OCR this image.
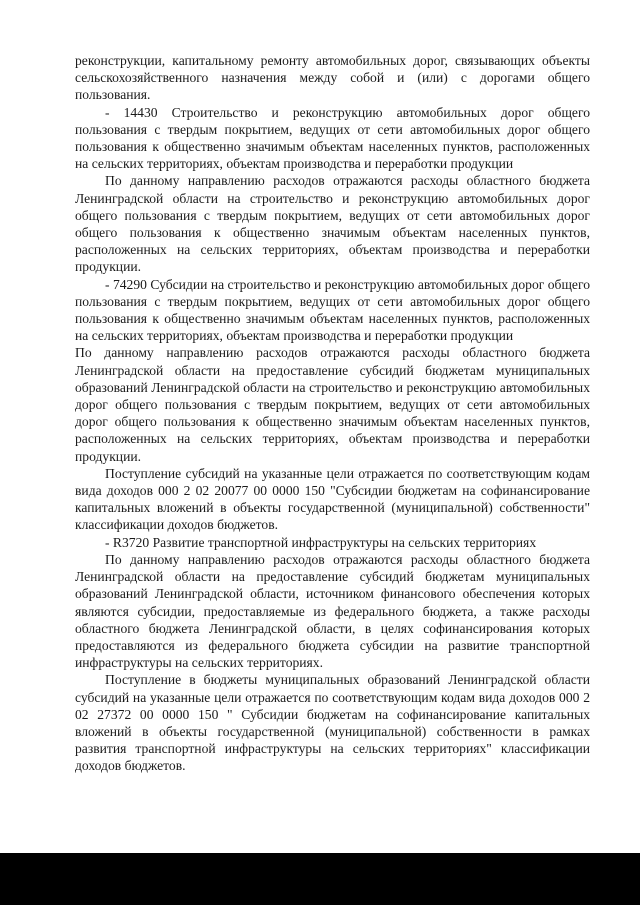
реконструкции, капитальному ремонту автомобильных дорог, связывающих объекты сельскохозяйственного назначения между собой и (или) с дорогами общего пользования.

- 14430 Строительство и реконструкцию автомобильных дорог общего пользования с твердым покрытием, ведущих от сети автомобильных дорог общего пользования к общественно значимым объектам населенных пунктов, расположенных на сельских территориях, объектам производства и переработки продукции

По данному направлению расходов отражаются расходы областного бюджета Ленинградской области на строительство и реконструкцию автомобильных дорог общего пользования с твердым покрытием, ведущих от сети автомобильных дорог общего пользования к общественно значимым объектам населенных пунктов, расположенных на сельских территориях, объектам производства и переработки продукции.

- 74290 Субсидии на строительство и реконструкцию автомобильных дорог общего пользования с твердым покрытием, ведущих от сети автомобильных дорог общего пользования к общественно значимым объектам населенных пунктов, расположенных на сельских территориях, объектам производства и переработки продукции

По данному направлению расходов отражаются расходы областного бюджета Ленинградской области на предоставление субсидий бюджетам муниципальных образований Ленинградской области на строительство и реконструкцию автомобильных дорог общего пользования с твердым покрытием, ведущих от сети автомобильных дорог общего пользования к общественно значимым объектам населенных пунктов, расположенных на сельских территориях, объектам производства и переработки продукции.

Поступление субсидий на указанные цели отражается по соответствующим кодам вида доходов 000 2 02 20077 00 0000 150 "Субсидии бюджетам на софинансирование капитальных вложений в объекты государственной (муниципальной) собственности" классификации доходов бюджетов.

- R3720 Развитие транспортной инфраструктуры на сельских территориях

По данному направлению расходов отражаются расходы областного бюджета Ленинградской области на предоставление субсидий бюджетам муниципальных образований Ленинградской области, источником финансового обеспечения которых являются субсидии, предоставляемые из федерального бюджета, а также расходы областного бюджета Ленинградской области, в целях софинансирования которых предоставляются из федерального бюджета субсидии на развитие транспортной инфраструктуры на сельских территориях.

Поступление в бюджеты муниципальных образований Ленинградской области субсидий на указанные цели отражается по соответствующим кодам вида доходов 000 2 02 27372 00 0000 150 " Субсидии бюджетам на софинансирование капитальных вложений в объекты государственной (муниципальной) собственности в рамках развития транспортной инфраструктуры на сельских территориях" классификации доходов бюджетов.
